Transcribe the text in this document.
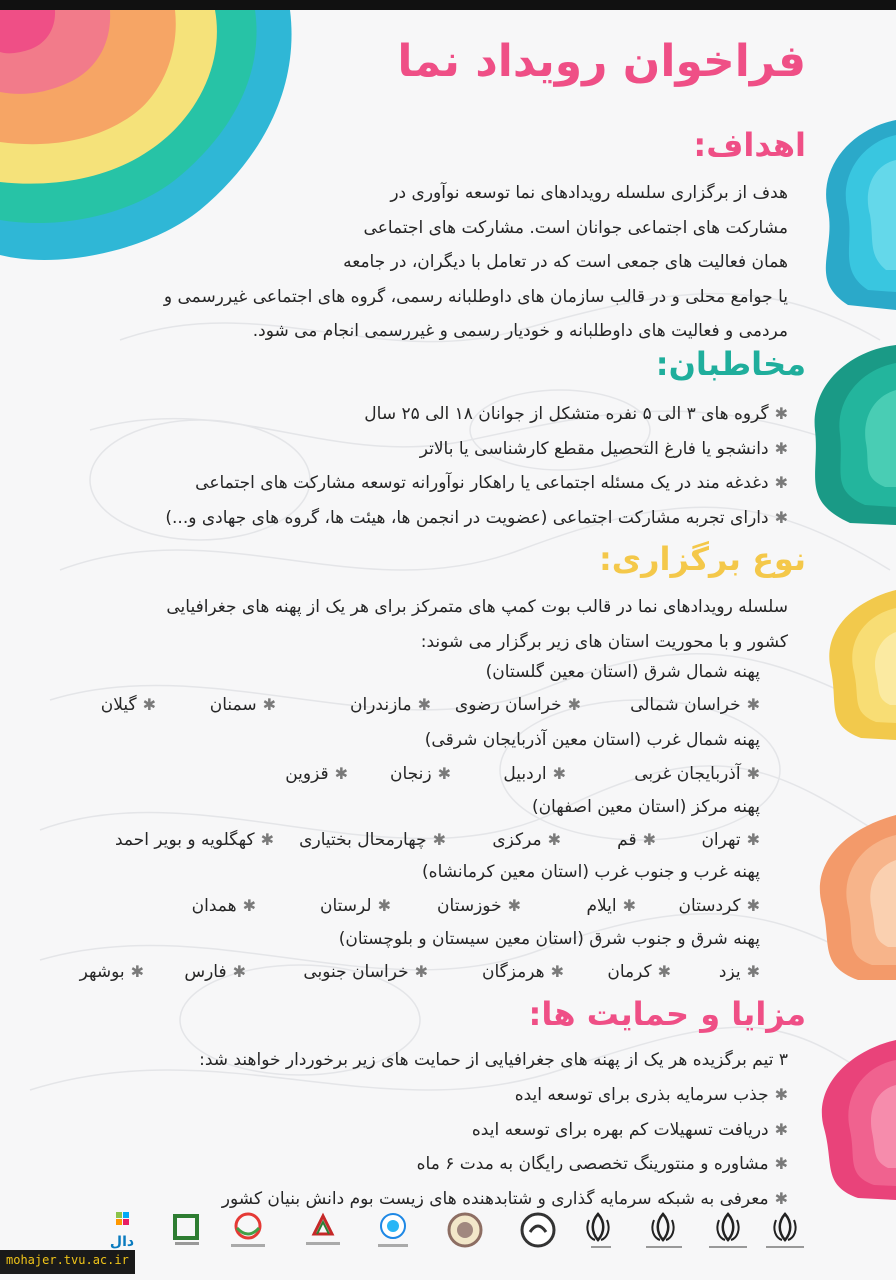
فراخوان رویداد نما
اهداف:
هدف از برگزاری سلسله رویدادهای نما توسعه نوآوری در
مشارکت های اجتماعی جوانان است. مشارکت های اجتماعی
همان فعالیت های جمعی است که در تعامل با دیگران، در جامعه
یا جوامع محلی و در قالب سازمان های داوطلبانه رسمی، گروه های اجتماعی غیررسمی و
مردمی و فعالیت های داوطلبانه و خودیار رسمی و غیررسمی انجام می شود.
مخاطبان:
✱گروه های ۳ الی ۵ نفره متشکل از جوانان ۱۸ الی ۲۵ سال
✱دانشجو یا فارغ التحصیل مقطع کارشناسی یا بالاتر
✱دغدغه مند در یک مسئله اجتماعی یا راهکار نوآورانه توسعه مشارکت های اجتماعی
✱دارای تجربه مشارکت اجتماعی (عضویت در انجمن ها، هیئت ها، گروه های جهادی و...)
نوع برگزاری:
سلسله رویدادهای نما در قالب بوت کمپ های متمرکز برای هر یک از پهنه های جغرافیایی
کشور و با محوریت استان های زیر برگزار می شوند:
پهنه شمال شرق (استان معین گلستان)
✱خراسان شمالی
✱خراسان رضوی
✱مازندران
✱سمنان
✱گیلان
پهنه شمال غرب (استان معین آذربایجان شرقی)
✱آذربایجان غربی
✱اردبیل
✱زنجان
✱قزوین
پهنه مرکز (استان معین اصفهان)
✱تهران
✱قم
✱مرکزی
✱چهارمحال بختیاری
✱کهگلویه و بویر احمد
پهنه غرب و جنوب غرب (استان معین کرمانشاه)
✱کردستان
✱ایلام
✱خوزستان
✱لرستان
✱همدان
پهنه شرق و جنوب شرق (استان معین سیستان و بلوچستان)
✱یزد
✱کرمان
✱هرمزگان
✱خراسان جنوبی
✱فارس
✱بوشهر
مزایا و حمایت ها:
۳ تیم برگزیده هر یک از پهنه های جغرافیایی از حمایت های زیر برخوردار خواهند شد:
✱جذب سرمایه بذری برای توسعه ایده
✱دریافت تسهیلات کم بهره برای توسعه ایده
✱مشاوره و منتورینگ تخصصی رایگان به مدت ۶ ماه
✱معرفی به شبکه سرمایه گذاری و شتابدهنده های زیست بوم دانش بنیان کشور
دال
mohajer.tvu.ac.ir
